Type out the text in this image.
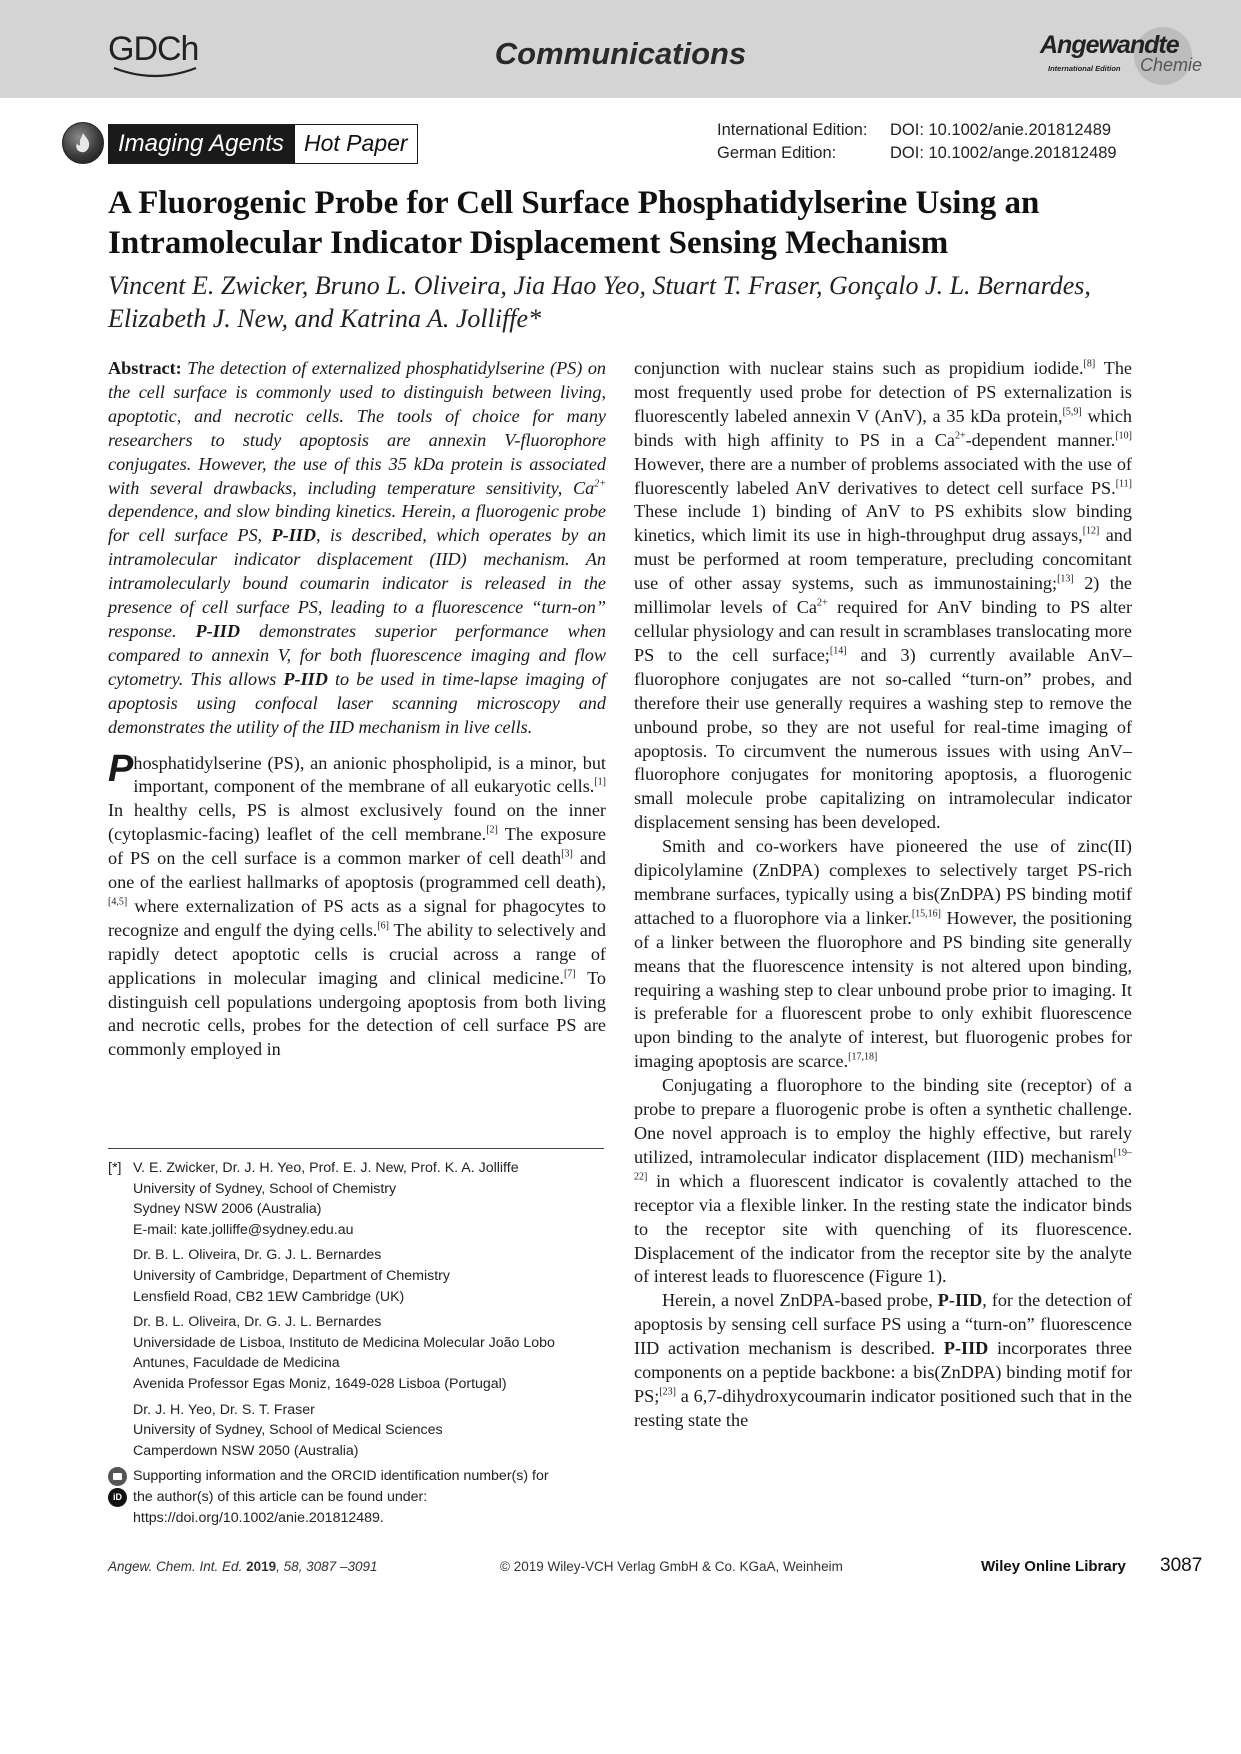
GDCh	Communications	Angewandte
International Edition Chemie
Imaging Agents Hot Paper	International Edition: DOI: 10.1002/anie.201812489
German Edition:	DOI: 10.1002/ange.201812489
A Fluorogenic Probe for Cell Surface Phosphatidylserine Using an Intramolecular Indicator Displacement Sensing Mechanism

Vincent E. Zwicker, Bruno L. Oliveira, Jia Hao Yeo, Stuart T. Fraser, Gonçalo J. L. Bernardes, Elizabeth J. New, and Katrina A. Jolliffe*

Abstract: The detection of externalized phosphatidylserine (PS) on the cell surface is commonly used to distinguish between living, apoptotic, and necrotic cells. The tools of choice for many researchers to study apoptosis are annexin V-fluorophore conjugates. However, the use of this 35 kDa protein is associated with several drawbacks, including temperature sensitivity, $Ca^{2+}$ dependence, and slow binding kinetics. Herein, a fluorogenic probe for cell surface PS, P-IID, is described, which operates by an intramolecular indicator displacement (IID) mechanism. An intramolecularly bound coumarin indicator is released in the presence of cell surface PS, leading to a fluorescence “turn-on” response. P-IID demonstrates superior performance when compared to annexin V, for both fluorescence imaging and flow cytometry. This allows P-IID to be used in time-lapse imaging of apoptosis using confocal laser scanning microscopy and demonstrates the utility of the IID mechanism in live cells.

Phosphatidylserine (PS), an anionic phospholipid, is a minor, but important, component of the membrane of all eukaryotic cells.[1] In healthy cells, PS is almost exclusively found on the inner (cytoplasmic-facing) leaflet of the cell membrane.[2] The exposure of PS on the cell surface is a common marker of cell death[3] and one of the earliest hallmarks of apoptosis (programmed cell death),[4,5] where externalization of PS acts as a signal for phagocytes to recognize and engulf the dying cells.[6] The ability to selectively and rapidly detect apoptotic cells is crucial across a range of applications in molecular imaging and clinical medicine.[7] To distinguish cell populations undergoing apoptosis from both living and necrotic cells, probes for the detection of cell surface PS are commonly employed in

[*] V. E. Zwicker, Dr. J. H. Yeo, Prof. E. J. New, Prof. K. A. Jolliffe
University of Sydney, School of Chemistry
Sydney NSW 2006 (Australia)
E-mail: kate.jolliffe@sydney.edu.au
Dr. B. L. Oliveira, Dr. G. J. L. Bernardes
University of Cambridge, Department of Chemistry
Lensfield Road, CB2 1EW Cambridge (UK)
Dr. B. L. Oliveira, Dr. G. J. L. Bernardes
Universidade de Lisboa, Instituto de Medicina Molecular João Lobo
Antunes, Faculdade de Medicina
Avenida Professor Egas Moniz, 1649-028 Lisboa (Portugal)
Dr. J. H. Yeo, Dr. S. T. Fraser
University of Sydney, School of Medical Sciences
Camperdown NSW 2050 (Australia)
iD
Supporting information and the ORCID identification number(s) for
the author(s) of this article can be found under:
https://doi.org/10.1002/anie.201812489.

conjunction with nuclear stains such as propidium iodide.[8] The most frequently used probe for detection of PS externalization is fluorescently labeled annexin V (AnV), a 35 kDa protein,[5,9] which binds with high affinity to PS in a $Ca^{2+}$-dependent manner.[10] However, there are a number of problems associated with the use of fluorescently labeled AnV derivatives to detect cell surface PS.[11] These include 1) binding of AnV to PS exhibits slow binding kinetics, which limit its use in high-throughput drug assays,[12] and must be performed at room temperature, precluding concomitant use of other assay systems, such as immunostaining;[13] 2) the millimolar levels of $Ca^{2+}$ required for AnV binding to PS alter cellular physiology and can result in scramblases translocating more PS to the cell surface;[14] and 3) currently available AnV–fluorophore conjugates are not so-called “turn-on” probes, and therefore their use generally requires a washing step to remove the unbound probe, so they are not useful for real-time imaging of apoptosis. To circumvent the numerous issues with using AnV–fluorophore conjugates for monitoring apoptosis, a fluorogenic small molecule probe capitalizing on intramolecular indicator displacement sensing has been developed.

Smith and co-workers have pioneered the use of zinc(II) dipicolylamine (ZnDPA) complexes to selectively target PS-rich membrane surfaces, typically using a bis(ZnDPA) PS binding motif attached to a fluorophore via a linker.[15,16] However, the positioning of a linker between the fluorophore and PS binding site generally means that the fluorescence intensity is not altered upon binding, requiring a washing step to clear unbound probe prior to imaging. It is preferable for a fluorescent probe to only exhibit fluorescence upon binding to the analyte of interest, but fluorogenic probes for imaging apoptosis are scarce.[17,18]

Conjugating a fluorophore to the binding site (receptor) of a probe to prepare a fluorogenic probe is often a synthetic challenge. One novel approach is to employ the highly effective, but rarely utilized, intramolecular indicator displacement (IID) mechanism[19–22] in which a fluorescent indicator is covalently attached to the receptor via a flexible linker. In the resting state the indicator binds to the receptor site with quenching of its fluorescence. Displacement of the indicator from the receptor site by the analyte of interest leads to fluorescence (Figure 1).

Herein, a novel ZnDPA-based probe, P-IID, for the detection of apoptosis by sensing cell surface PS using a “turn-on” fluorescence IID activation mechanism is described. P-IID incorporates three components on a peptide backbone: a bis(ZnDPA) binding motif for PS;[23] a 6,7-dihydroxycoumarin indicator positioned such that in the resting state the

Angew. Chem. Int. Ed. 2019, 58, 3087 –3091	© 2019 Wiley-VCH Verlag GmbH & Co. KGaA, Weinheim	Wiley Online Library 3087
